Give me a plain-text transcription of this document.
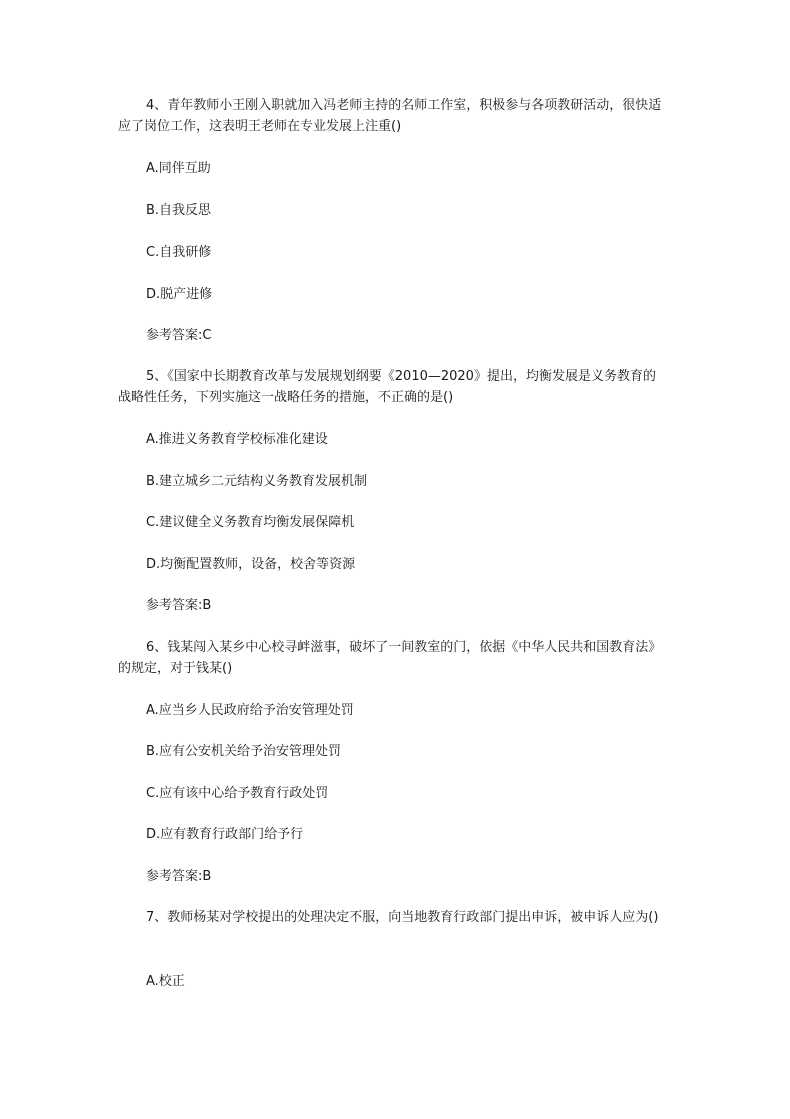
4、青年教师小王刚入职就加入冯老师主持的名师工作室，积极参与各项教研活动，很快适应了岗位工作，这表明王老师在专业发展上注重()

A.同伴互助

B.自我反思

C.自我研修

D.脱产进修

参考答案:C

5、《国家中长期教育改革与发展规划纲要《2010—2020》提出，均衡发展是义务教育的战略性任务，下列实施这一战略任务的措施，不正确的是()

A.推进义务教育学校标准化建设

B.建立城乡二元结构义务教育发展机制

C.建议健全义务教育均衡发展保障机

D.均衡配置教师，设备，校舍等资源

参考答案:B

6、钱某闯入某乡中心校寻衅滋事，破坏了一间教室的门，依据《中华人民共和国教育法》的规定，对于钱某()

A.应当乡人民政府给予治安管理处罚

B.应有公安机关给予治安管理处罚

C.应有该中心给予教育行政处罚

D.应有教育行政部门给予行

参考答案:B

7、教师杨某对学校提出的处理决定不服，向当地教育行政部门提出申诉，被申诉人应为()

A.校正
